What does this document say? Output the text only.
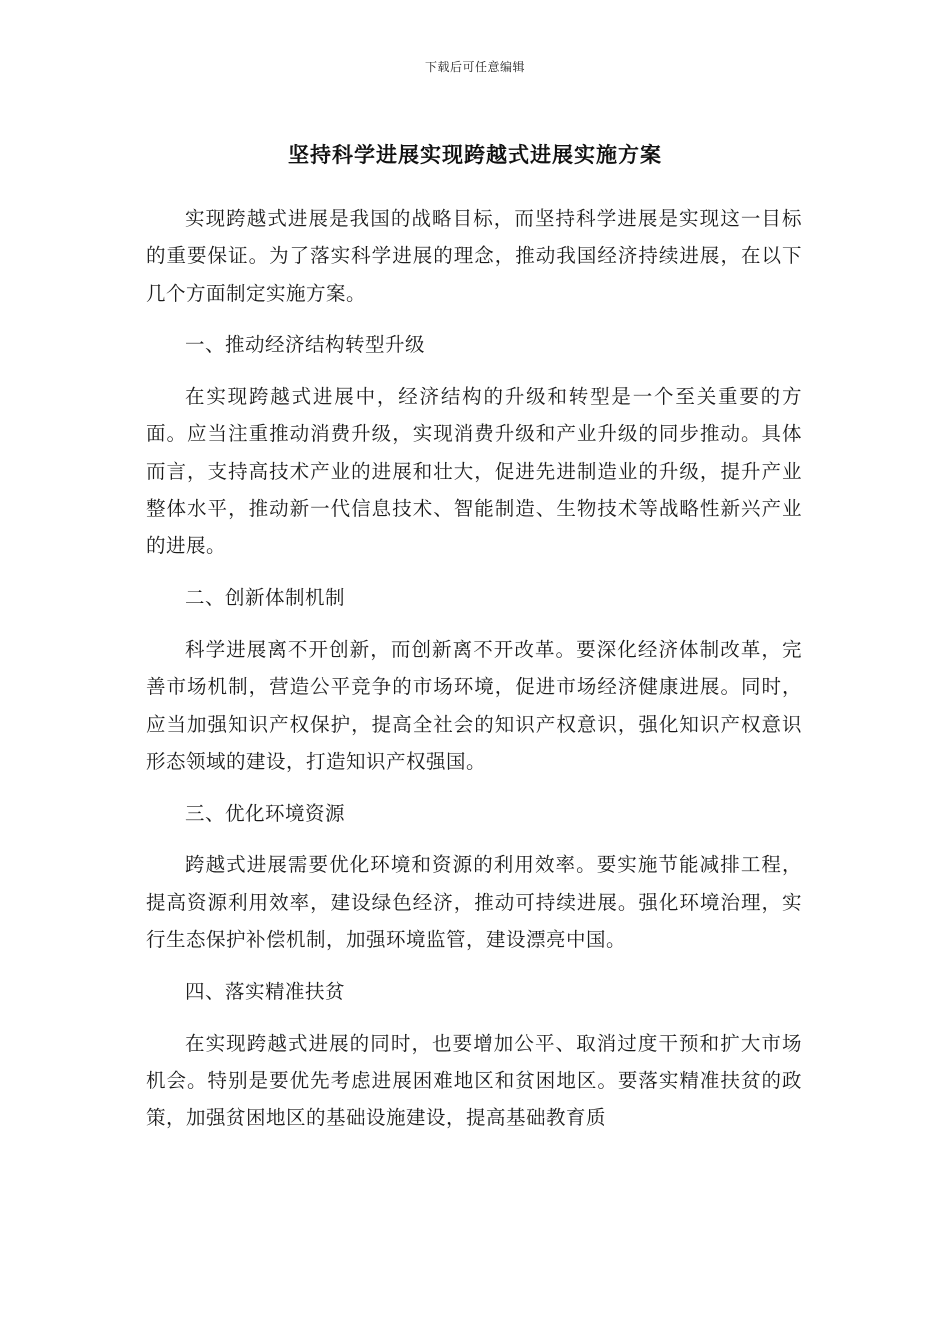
下载后可任意编辑
坚持科学进展实现跨越式进展实施方案

实现跨越式进展是我国的战略目标，而坚持科学进展是实现这一目标的重要保证。为了落实科学进展的理念，推动我国经济持续进展，在以下几个方面制定实施方案。

一、推动经济结构转型升级

在实现跨越式进展中，经济结构的升级和转型是一个至关重要的方面。应当注重推动消费升级，实现消费升级和产业升级的同步推动。具体而言，支持高技术产业的进展和壮大，促进先进制造业的升级，提升产业整体水平，推动新一代信息技术、智能制造、生物技术等战略性新兴产业的进展。

二、创新体制机制

科学进展离不开创新，而创新离不开改革。要深化经济体制改革，完善市场机制，营造公平竞争的市场环境，促进市场经济健康进展。同时，应当加强知识产权保护，提高全社会的知识产权意识，强化知识产权意识形态领域的建设，打造知识产权强国。

三、优化环境资源

跨越式进展需要优化环境和资源的利用效率。要实施节能减排工程，提高资源利用效率，建设绿色经济，推动可持续进展。强化环境治理，实行生态保护补偿机制，加强环境监管，建设漂亮中国。

四、落实精准扶贫

在实现跨越式进展的同时，也要增加公平、取消过度干预和扩大市场机会。特别是要优先考虑进展困难地区和贫困地区。要落实精准扶贫的政策，加强贫困地区的基础设施建设，提高基础教育质
